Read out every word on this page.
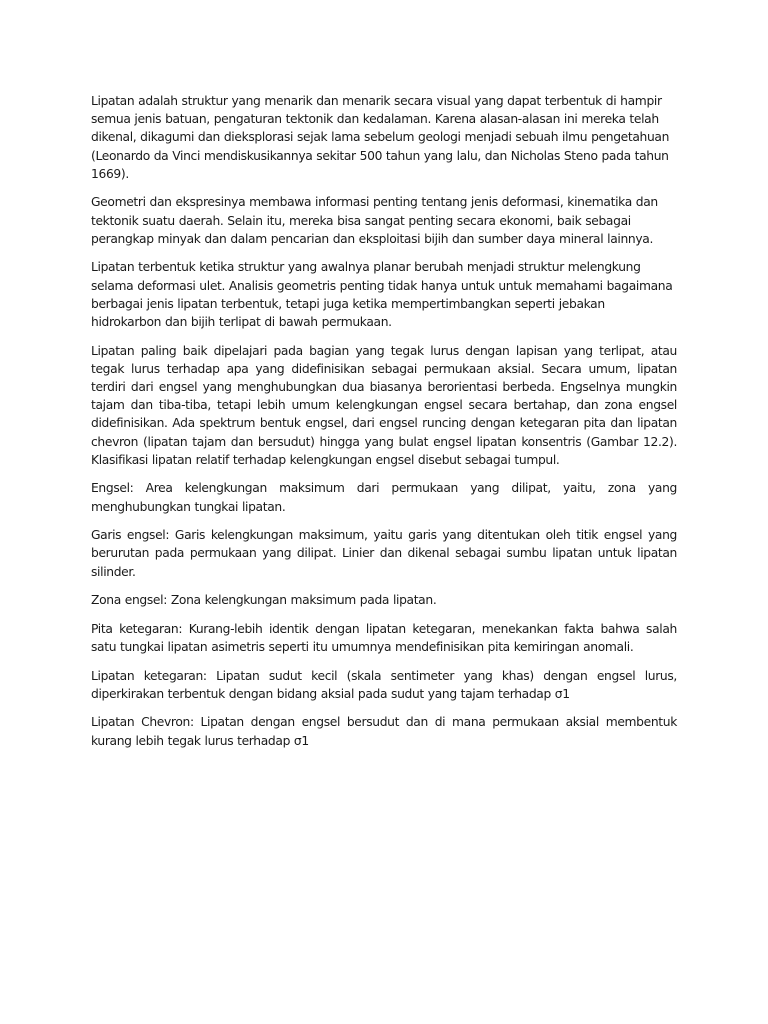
Lipatan adalah struktur yang menarik dan menarik secara visual yang dapat terbentuk di hampir semua jenis batuan, pengaturan tektonik dan kedalaman. Karena alasan-alasan ini mereka telah dikenal, dikagumi dan dieksplorasi sejak lama sebelum geologi menjadi sebuah ilmu pengetahuan (Leonardo da Vinci mendiskusikannya sekitar 500 tahun yang lalu, dan Nicholas Steno pada tahun 1669).

Geometri dan ekspresinya membawa informasi penting tentang jenis deformasi, kinematika dan tektonik suatu daerah. Selain itu, mereka bisa sangat penting secara ekonomi, baik sebagai perangkap minyak dan dalam pencarian dan eksploitasi bijih dan sumber daya mineral lainnya.

Lipatan terbentuk ketika struktur yang awalnya planar berubah menjadi struktur melengkung selama deformasi ulet. Analisis geometris penting tidak hanya untuk untuk memahami bagaimana berbagai jenis lipatan terbentuk, tetapi juga ketika mempertimbangkan seperti jebakan hidrokarbon dan bijih terlipat di bawah permukaan.

Lipatan paling baik dipelajari pada bagian yang tegak lurus dengan lapisan yang terlipat, atau tegak lurus terhadap apa yang didefinisikan sebagai permukaan aksial. Secara umum, lipatan terdiri dari engsel yang menghubungkan dua biasanya berorientasi berbeda. Engselnya mungkin tajam dan tiba-tiba, tetapi lebih umum kelengkungan engsel secara bertahap, dan zona engsel didefinisikan. Ada spektrum bentuk engsel, dari engsel runcing dengan ketegaran pita dan lipatan chevron (lipatan tajam dan bersudut) hingga yang bulat engsel lipatan konsentris (Gambar 12.2). Klasifikasi lipatan relatif terhadap kelengkungan engsel disebut sebagai tumpul.

Engsel: Area kelengkungan maksimum dari permukaan yang dilipat, yaitu, zona yang menghubungkan tungkai lipatan.

Garis engsel: Garis kelengkungan maksimum, yaitu garis yang ditentukan oleh titik engsel yang berurutan pada permukaan yang dilipat. Linier dan dikenal sebagai sumbu lipatan untuk lipatan silinder.

Zona engsel: Zona kelengkungan maksimum pada lipatan.

Pita ketegaran: Kurang-lebih identik dengan lipatan ketegaran, menekankan fakta bahwa salah satu tungkai lipatan asimetris seperti itu umumnya mendefinisikan pita kemiringan anomali.

Lipatan ketegaran: Lipatan sudut kecil (skala sentimeter yang khas) dengan engsel lurus, diperkirakan terbentuk dengan bidang aksial pada sudut yang tajam terhadap σ1

Lipatan Chevron: Lipatan dengan engsel bersudut dan di mana permukaan aksial membentuk kurang lebih tegak lurus terhadap σ1
